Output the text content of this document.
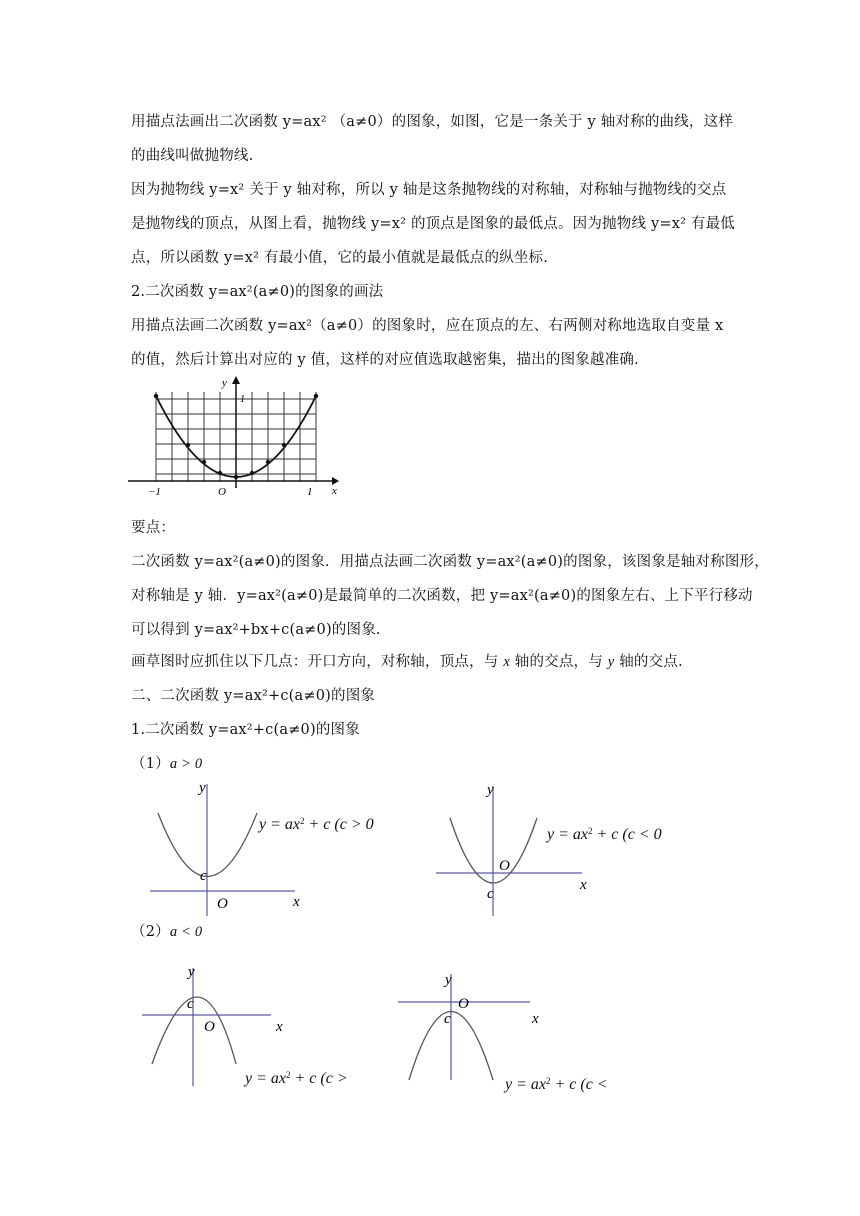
用描点法画出二次函数 y=ax² （a≠0）的图象，如图，它是一条关于 y 轴对称的曲线，这样
的曲线叫做抛物线.
因为抛物线 y=x² 关于 y 轴对称，所以 y 轴是这条抛物线的对称轴，对称轴与抛物线的交点
是抛物线的顶点，从图上看，抛物线 y=x² 的顶点是图象的最低点。因为抛物线 y=x² 有最低
点，所以函数 y=x² 有最小值，它的最小值就是最低点的纵坐标.
2.二次函数 y=ax²(a≠0)的图象的画法
用描点法画二次函数 y=ax²（a≠0）的图象时，应在顶点的左、右两侧对称地选取自变量 x
的值，然后计算出对应的 y 值，这样的对应值选取越密集，描出的图象越准确.
y
1
−1	O	1 x
要点：
二次函数 y=ax²(a≠0)的图象．用描点法画二次函数 y=ax²(a≠0)的图象，该图象是轴对称图形，
对称轴是 y 轴．y=ax²(a≠0)是最简单的二次函数，把 y=ax²(a≠0)的图象左右、上下平行移动
可以得到 y=ax²+bx+c(a≠0)的图象.
画草图时应抓住以下几点：开口方向，对称轴，顶点，与 x 轴的交点，与 y 轴的交点.
二、二次函数 y=ax²+c(a≠0)的图象
1.二次函数 y=ax²+c(a≠0)的图象
（1）a > 0
（2）a < 0
y
c
O	x
$y = ax^2 + c$ (c > 0
y
O
c
x
$y = ax^2 + c$ (c < 0
y
c
O	x
$y = ax^2 + c$ (c >
y
O
c	x
$y = ax^2 + c$ (c <
